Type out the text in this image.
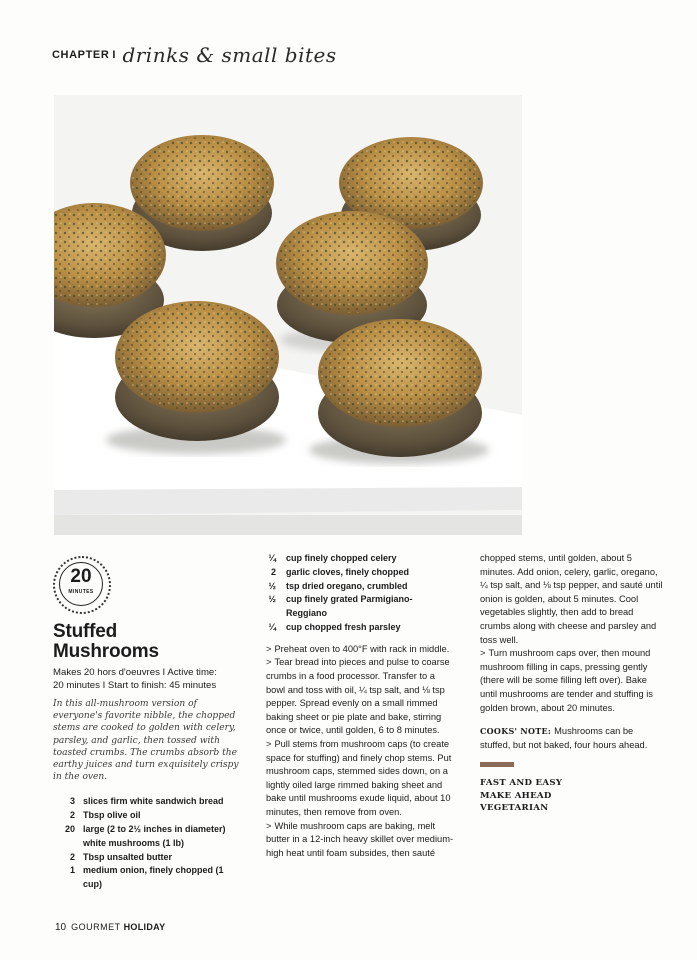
CHAPTER I drinks & small bites
20
MINUTES
Stuffed
Mushrooms
Makes 20 hors d'oeuvres I Active time:
20 minutes I Start to finish: 45 minutes
In this all-mushroom version of everyone's favorite nibble, the chopped stems are cooked to golden with celery, parsley, and garlic, then tossed with toasted crumbs. The crumbs absorb the earthy juices and turn exquisitely crispy in the oven.
3 slices firm white sandwich bread
2 Tbsp olive oil
20 large (2 to 2½ inches in diameter)
white mushrooms (1 lb)
2 Tbsp unsalted butter
1 medium onion, finely chopped (1 cup)
¼ cup finely chopped celery
2 garlic cloves, finely chopped
½ tsp dried oregano, crumbled
½ cup finely grated Parmigiano-
Reggiano
¼ cup chopped fresh parsley

> Preheat oven to 400°F with rack in middle.

> Tear bread into pieces and pulse to coarse crumbs in a food processor. Transfer to a bowl and toss with oil, ¼ tsp salt, and ⅛ tsp pepper. Spread evenly on a small rimmed baking sheet or pie plate and bake, stirring once or twice, until golden, 6 to 8 minutes.

> Pull stems from mushroom caps (to create space for stuffing) and finely chop stems. Put mushroom caps, stemmed sides down, on a lightly oiled large rimmed baking sheet and bake until mushrooms exude liquid, about 10 minutes, then remove from oven.

> While mushroom caps are baking, melt butter in a 12-inch heavy skillet over medium-high heat until foam subsides, then sauté

chopped stems, until golden, about 5 minutes. Add onion, celery, garlic, oregano, ¼ tsp salt, and ⅛ tsp pepper, and sauté until onion is golden, about 5 minutes. Cool vegetables slightly, then add to bread crumbs along with cheese and parsley and toss well.

> Turn mushroom caps over, then mound mushroom filling in caps, pressing gently (there will be some filling left over). Bake until mushrooms are tender and stuffing is golden brown, about 20 minutes.

COOKS' NOTE: Mushrooms can be stuffed, but not baked, four hours ahead.
FAST AND EASY
MAKE AHEAD
VEGETARIAN
10 GOURMET HOLIDAY
